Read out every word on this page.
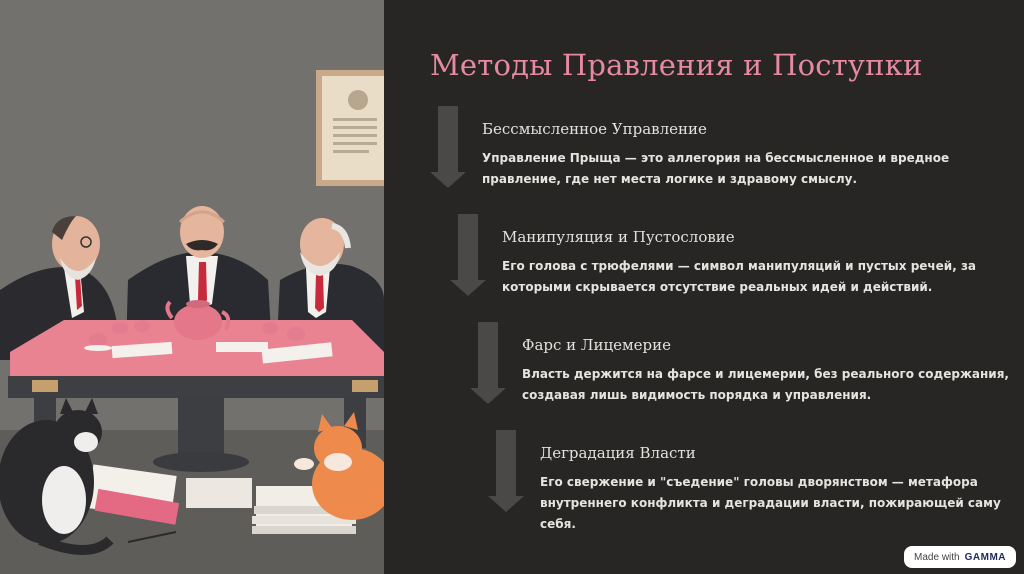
Методы Правления и Поступки
Бессмысленное Управление
Управление Прыща — это аллегория на бессмысленное и вредное правление, где нет места логике и здравому смыслу.
Манипуляция и Пустословие
Его голова с трюфелями — символ манипуляций и пустых речей, за которыми скрывается отсутствие реальных идей и действий.
Фарс и Лицемерие
Власть держится на фарсе и лицемерии, без реального содержания, создавая лишь видимость порядка и управления.
Деградация Власти
Его свержение и "съедение" головы дворянством — метафора внутреннего конфликта и деградации власти, пожирающей саму себя.
Made with GAMMA
